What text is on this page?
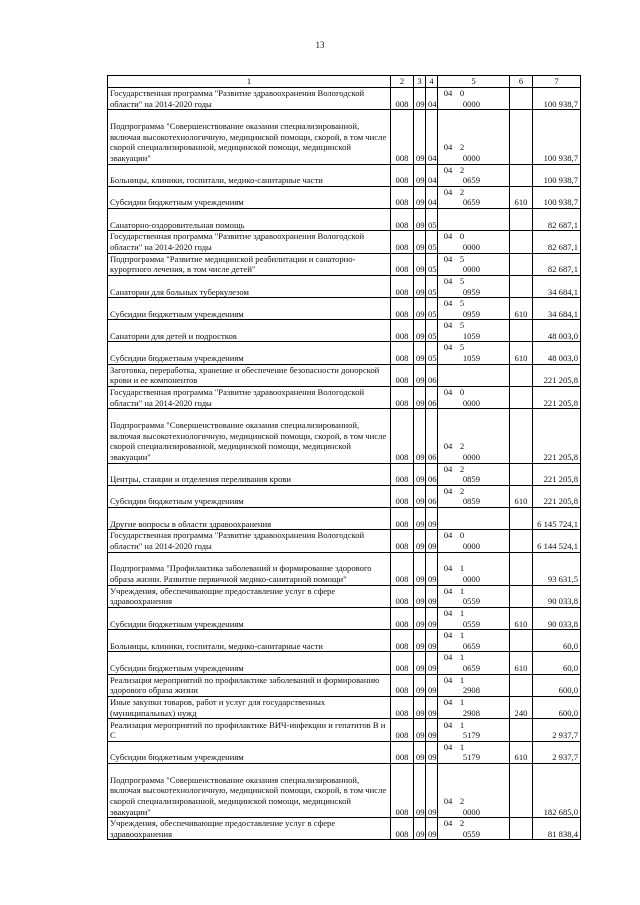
13
1	2	3	4	5	6	7
Государственная программа "Развитие здравоохранения Вологодской области" на 2014-2020 годы	008	09	04	04 00000		100 938,7
Подпрограмма "Совершенствование оказания специализированной, включая высокотехнологичную, медицинской помощи, скорой, в том числе скорой специализированной, медицинской помощи, медицинской эвакуации"	008	09	04	04 20000		100 938,7
Больницы, клиники, госпитали, медико-санитарные части	008	09	04	04 20659		100 938,7
Субсидии бюджетным учреждениям	008	09	04	04 20659	610	100 938,7
Санаторно-оздоровительная помощь	008	09	05			82 687,1
Государственная программа "Развитие здравоохранения Вологодской области" на 2014-2020 годы	008	09	05	04 00000		82 687,1
Подпрограмма "Развитие медицинской реабилитации и санаторно-курортного лечения, в том числе детей"	008	09	05	04 50000		82 687,1
Санатории для больных туберкулезом	008	09	05	04 50959		34 684,1
Субсидии бюджетным учреждениям	008	09	05	04 50959	610	34 684,1
Санатории для детей и подростков	008	09	05	04 51059		48 003,0
Субсидии бюджетным учреждениям	008	09	05	04 51059	610	48 003,0
Заготовка, переработка, хранение и обеспечение безопасности донорской крови и ее компонентов	008	09	06			221 205,8
Государственная программа "Развитие здравоохранения Вологодской области" на 2014-2020 годы	008	09	06	04 00000		221 205,8
Подпрограмма "Совершенствование оказания специализированной, включая высокотехнологичную, медицинской помощи, скорой, в том числе скорой специализированной, медицинской помощи, медицинской эвакуации"	008	09	06	04 20000		221 205,8
Центры, станции и отделения переливания крови	008	09	06	04 20859		221 205,8
Субсидии бюджетным учреждениям	008	09	06	04 20859	610	221 205,8
Другие вопросы в области здравоохранения	008	09	09			6 145 724,1
Государственная программа "Развитие здравоохранения Вологодской области" на 2014-2020 годы	008	09	09	04 00000		6 144 524,1
Подпрограмма "Профилактика заболеваний и формирование здорового образа жизни. Развитие первичной медико-санитарной помощи"	008	09	09	04 10000		93 631,5
Учреждения, обеспечивающие предоставление услуг в сфере здравоохранения	008	09	09	04 10559		90 033,8
Субсидии бюджетным учреждениям	008	09	09	04 10559	610	90 033,8
Больницы, клиники, госпитали, медико-санитарные части	008	09	09	04 10659		60,0
Субсидии бюджетным учреждениям	008	09	09	04 10659	610	60,0
Реализация мероприятий по профилактике заболеваний и формированию здорового образа жизни	008	09	09	04 12908		600,0
Иные закупки товаров, работ и услуг для государственных (муниципальных) нужд	008	09	09	04 12908	240	600,0
Реализация мероприятий по профилактике ВИЧ-инфекции и гепатитов В и С	008	09	09	04 15179		2 937,7
Субсидии бюджетным учреждениям	008	09	09	04 15179	610	2 937,7
Подпрограмма "Совершенствование оказания специализированной, включая высокотехнологичную, медицинской помощи, скорой, в том числе скорой специализированной, медицинской помощи, медицинской эвакуации"	008	09	09	04 20000		182 685,0
Учреждения, обеспечивающие предоставление услуг в сфере здравоохранения	008	09	09	04 20559		81 838,4
